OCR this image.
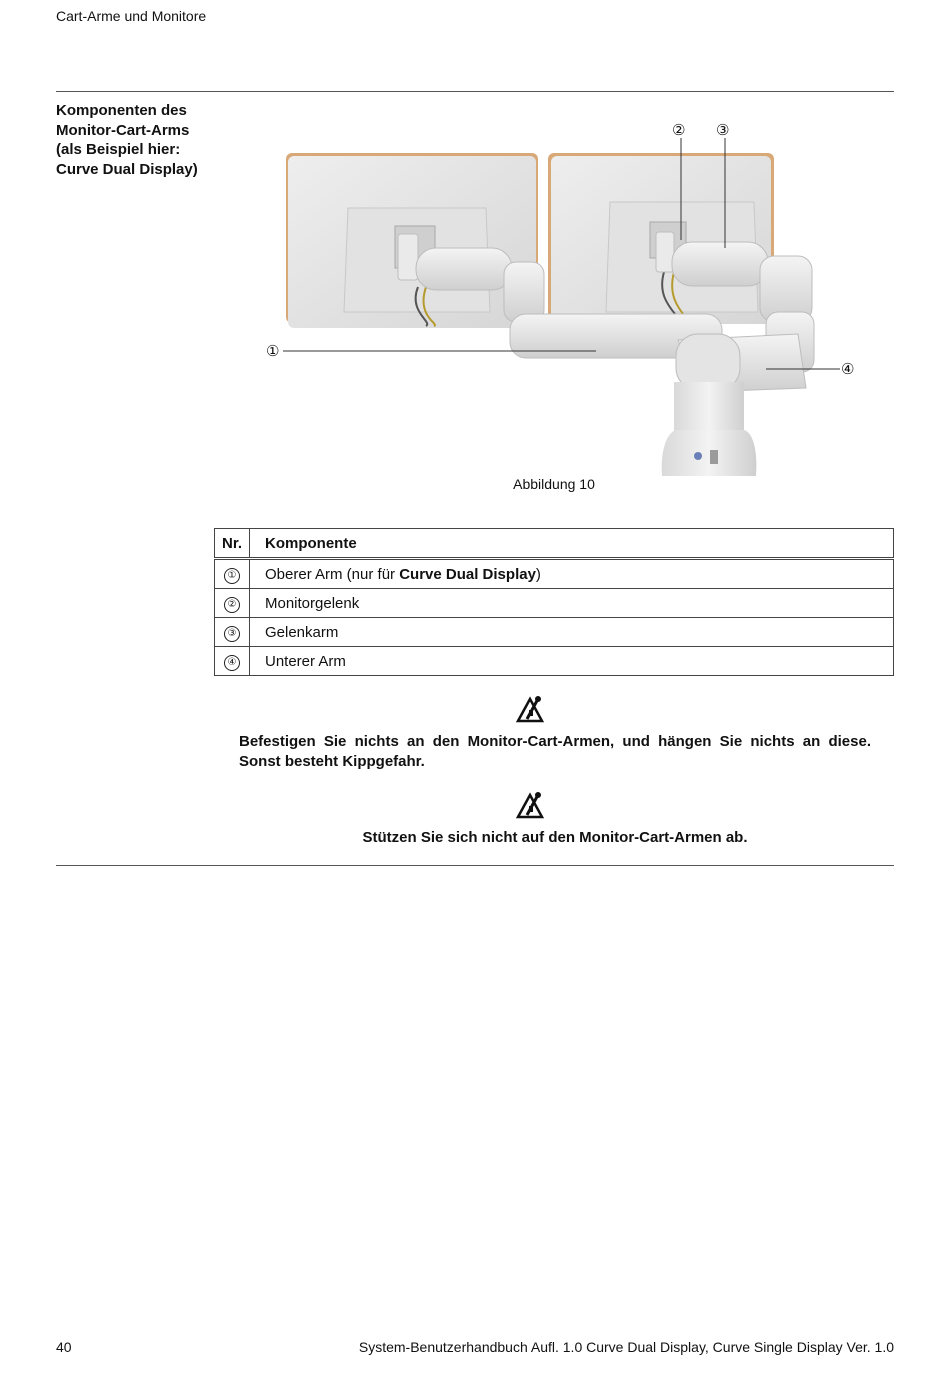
Cart-Arme und Monitore
Komponenten des
Monitor-Cart-Arms
(als Beispiel hier:
Curve Dual Display)
①
② ③
④
Abbildung 10
Nr.	Komponente
①	Oberer Arm (nur für Curve Dual Display)
②	Monitorgelenk
③	Gelenkarm
④	Unterer Arm
Befestigen Sie nichts an den Monitor-Cart-Armen, und hängen Sie nichts an diese. Sonst besteht Kippgefahr.
Stützen Sie sich nicht auf den Monitor-Cart-Armen ab.
40	System-Benutzerhandbuch Aufl. 1.0 Curve Dual Display, Curve Single Display Ver. 1.0
